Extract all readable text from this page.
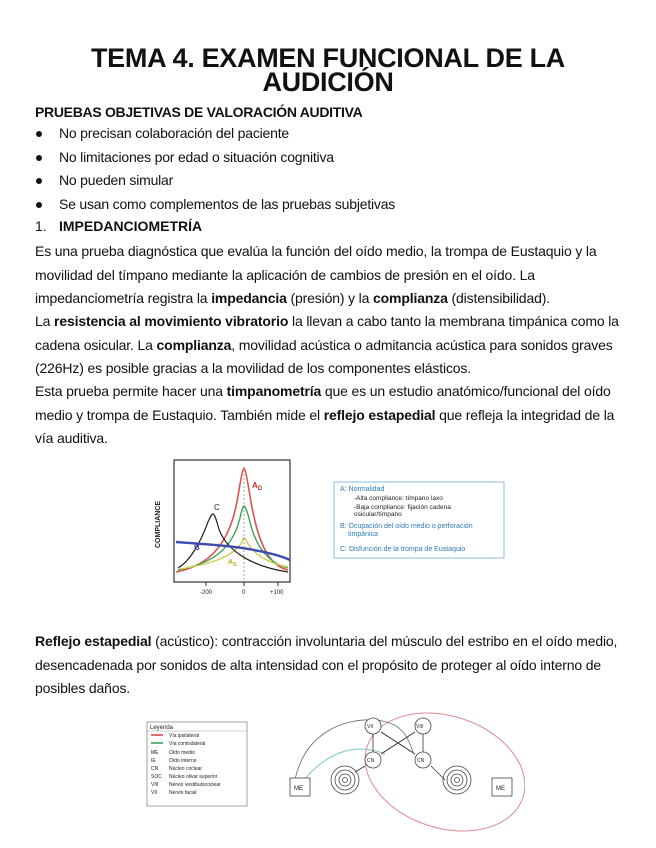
TEMA 4. EXAMEN FUNCIONAL DE LA AUDICIÓN
PRUEBAS OBJETIVAS DE VALORACIÓN AUDITIVA
No precisan colaboración del paciente
No limitaciones por edad o situación cognitiva
No pueden simular
Se usan como complementos de las pruebas subjetivas
1. IMPEDANCIOMETRÍA
Es una prueba diagnóstica que evalúa la función del oído medio, la trompa de Eustaquio y la movilidad del tímpano mediante la aplicación de cambios de presión en el oído. La impedanciometría registra la impedancia (presión) y la complianza (distensibilidad).
La resistencia al movimiento vibratorio la llevan a cabo tanto la membrana timpánica como la cadena osicular. La complianza, movilidad acústica o admitancia acústica para sonidos graves (226Hz) es posible gracias a la movilidad de los componentes elásticos.
Esta prueba permite hacer una timpanometría que es un estudio anatómico/funcional del oído medio y trompa de Eustaquio. También mide el reflejo estapedial que refleja la integridad de la vía auditiva.
COMPLIANCE
-200	0	+100
$A_D$
C
B
$A_S$
A: Normalidad
-Alta compliance: tímpano laxo
-Baja compliance: fijación cadena
osicular/tímpano
B: Ocupación del oído medio o perforación
timpánica
C: Disfunción de la trompa de Eustaquio
Reflejo estapedial (acústico): contracción involuntaria del músculo del estribo en el oído medio, desencadenada por sonidos de alta intensidad con el propósito de proteger al oído interno de posibles daños.
Leyenda
Vía ipsilateral
Vía contralateral
ME Oído medio
IE	Oído interno
CN Núcleo coclear
SOC Núcleo olivar superior
VIII Nervio vestibulococlear
VII Nervio facial
ME	ME
VII
CN
VIII
CN
